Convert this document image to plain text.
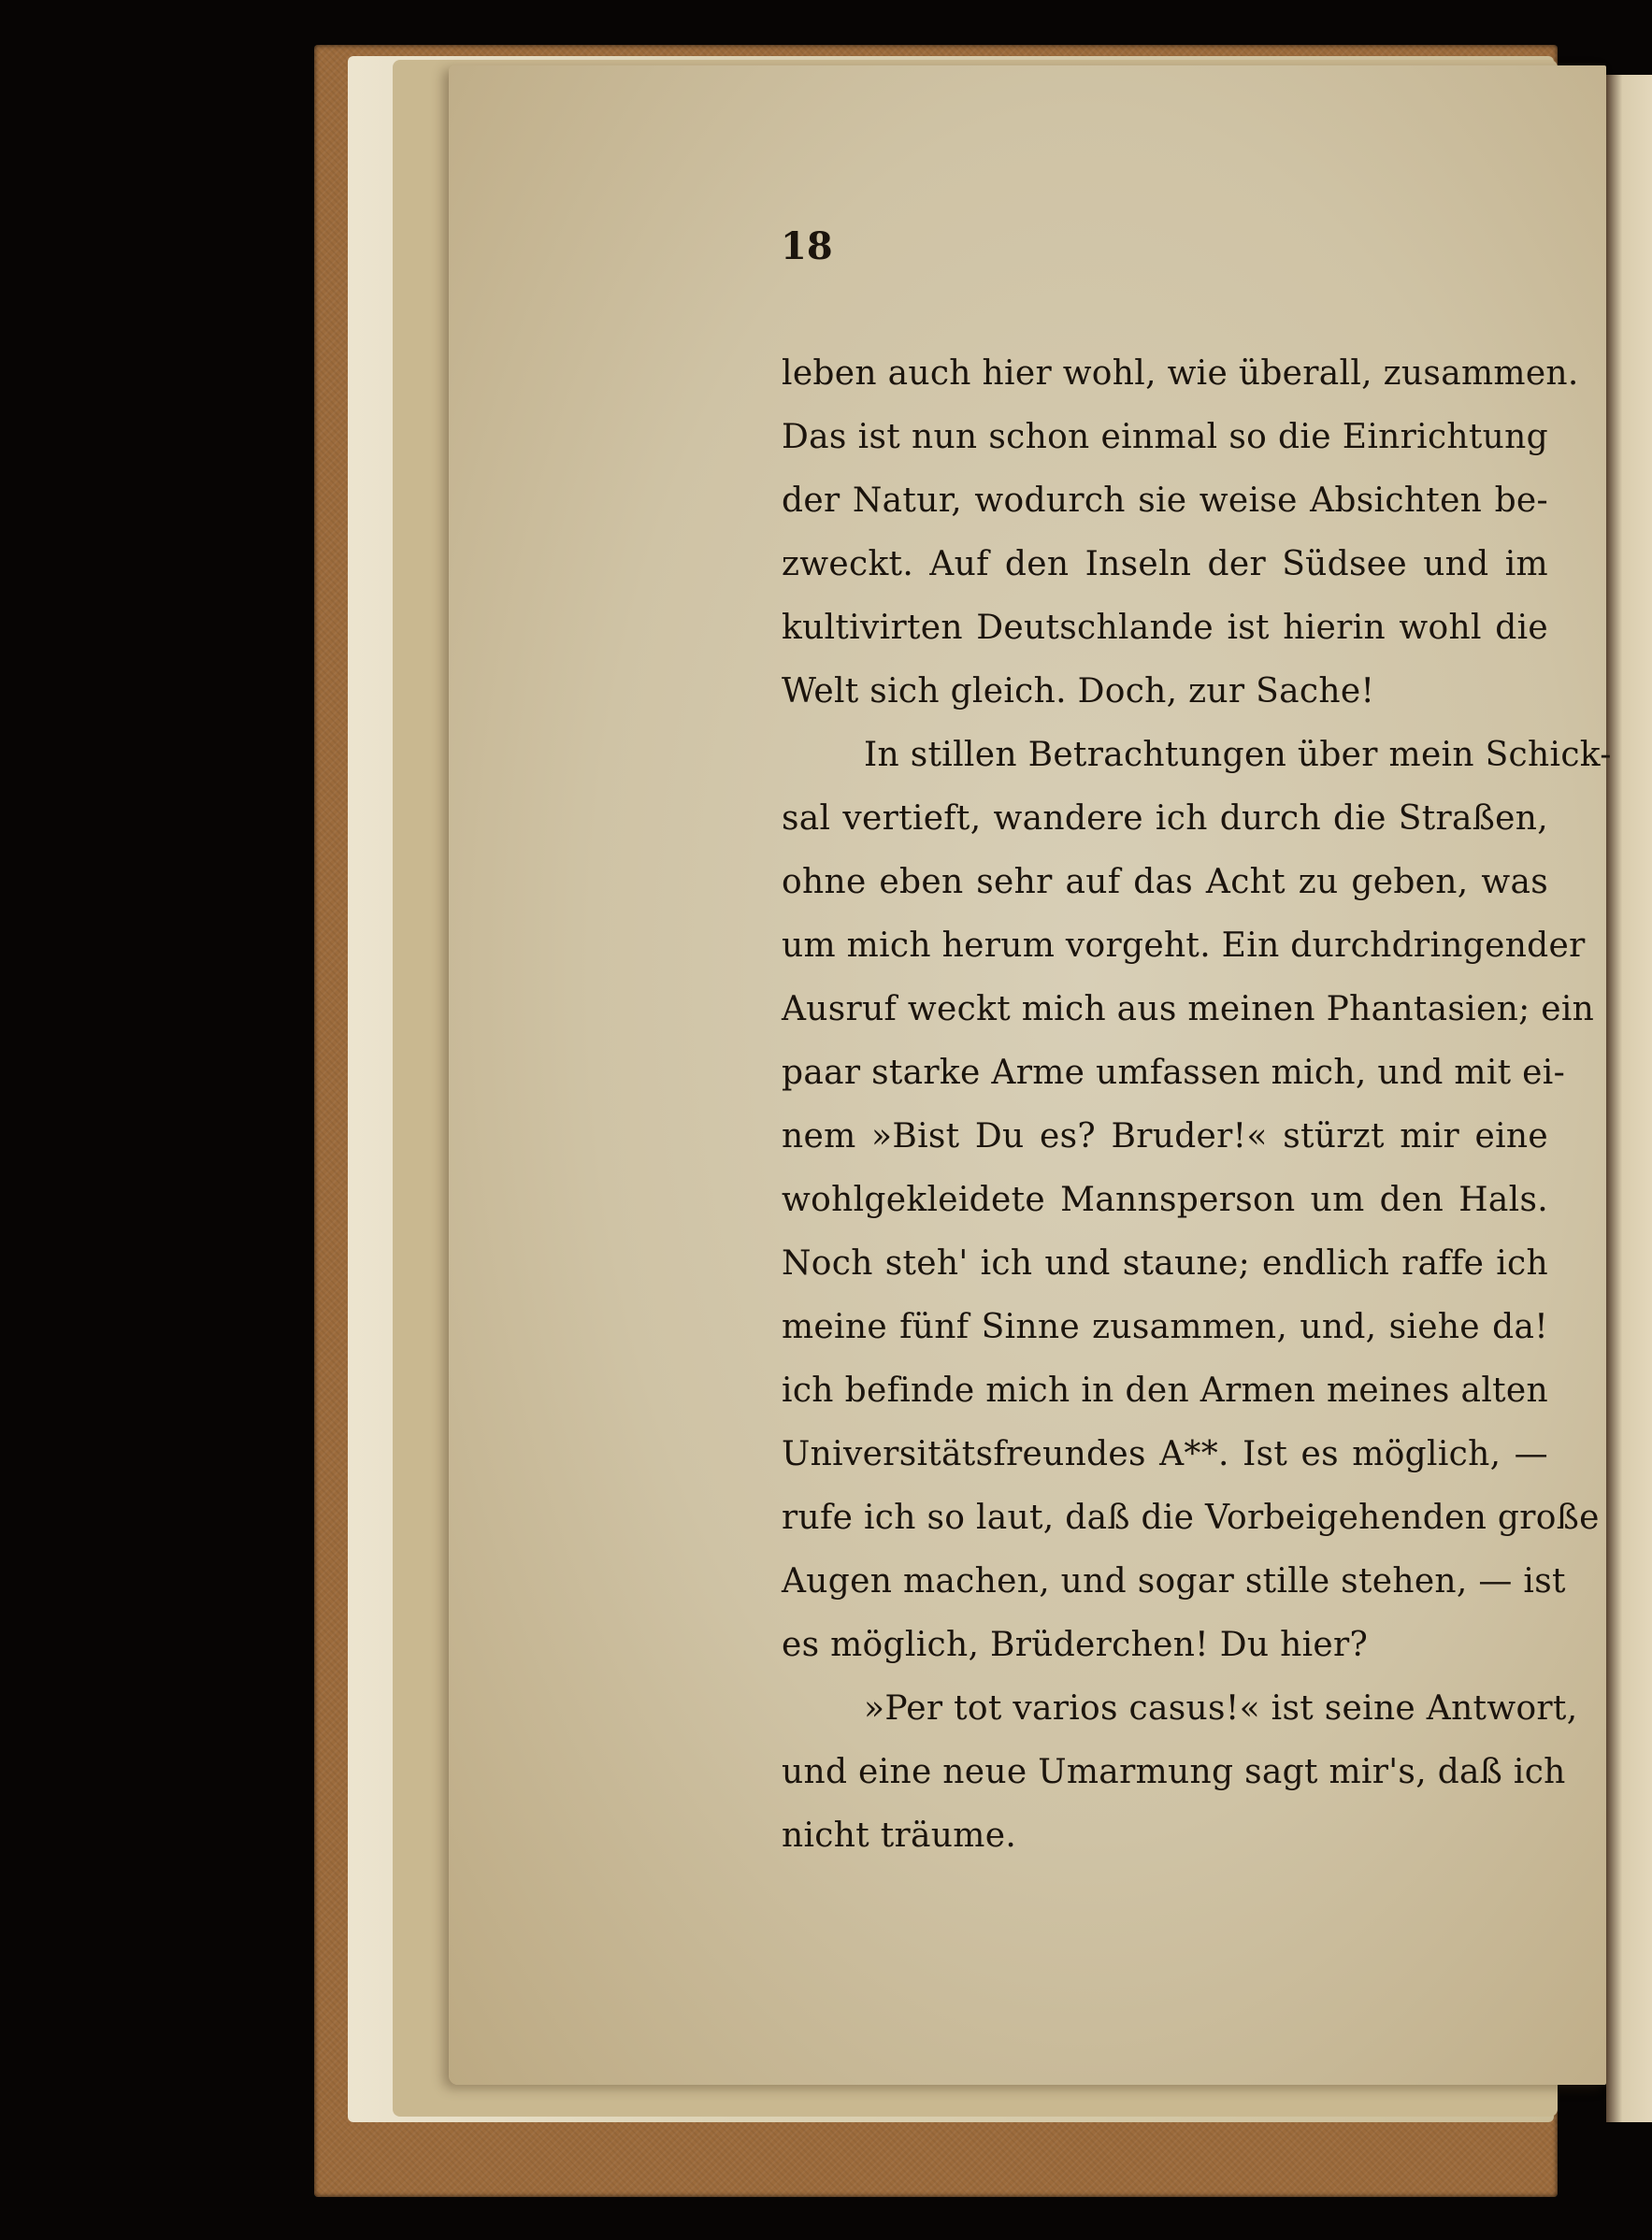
18
leben auch hier wohl, wie überall, zusammen.
Das ist nun schon einmal so die Einrichtung
der Natur, wodurch sie weise Absichten be-
zweckt. Auf den Inseln der Südsee und im
kultivirten Deutschlande ist hierin wohl die
Welt sich gleich. Doch, zur Sache!
In stillen Betrachtungen über mein Schick-
sal vertieft, wandere ich durch die Straßen,
ohne eben sehr auf das Acht zu geben, was
um mich herum vorgeht. Ein durchdringender
Ausruf weckt mich aus meinen Phantasien; ein
paar starke Arme umfassen mich, und mit ei-
nem »Bist Du es? Bruder!« stürzt mir eine
wohlgekleidete Mannsperson um den Hals.
Noch steh' ich und staune; endlich raffe ich
meine fünf Sinne zusammen, und, siehe da!
ich befinde mich in den Armen meines alten
Universitätsfreundes A**. Ist es möglich, —
rufe ich so laut, daß die Vorbeigehenden große
Augen machen, und sogar stille stehen, — ist
es möglich, Brüderchen! Du hier?
»Per tot varios casus!« ist seine Antwort,
und eine neue Umarmung sagt mir's, daß ich
nicht träume.
